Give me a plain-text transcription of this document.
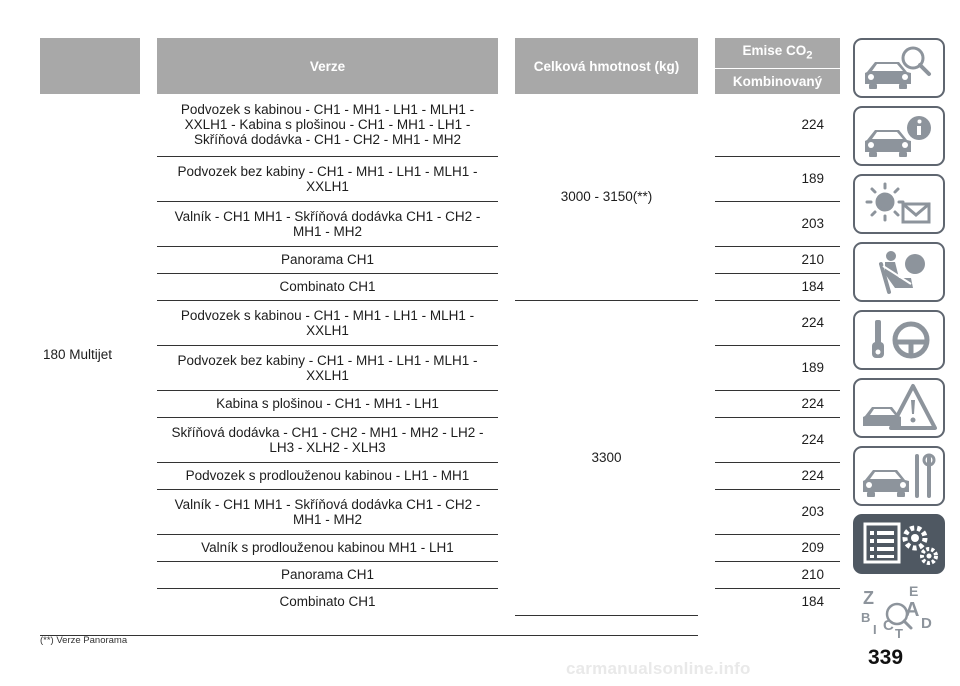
		Verze		Celková hmotnost (kg)		Emise $CO_2$
						Kombinovaný
180 Multijet		Podvozek s kabinou - CH1 - MH1 - LH1 - MLH1 -
XXLH1 - Kabina s plošinou - CH1 - MH1 - LH1 -
Skříňová dodávka - CH1 - CH2 - MH1 - MH2		3000 - 3150(**)		224
		Podvozek bez kabiny - CH1 - MH1 - LH1 - MLH1 -
XXLH1				189
		Valník - CH1 MH1 - Skříňová dodávka CH1 - CH2 -
MH1 - MH2				203
		Panorama CH1				210
		Combinato CH1				184
		Podvozek s kabinou - CH1 - MH1 - LH1 - MLH1 -
XXLH1		3300		224
		Podvozek bez kabiny - CH1 - MH1 - LH1 - MLH1 -
XXLH1				189
		Kabina s plošinou - CH1 - MH1 - LH1				224
		Skříňová dodávka - CH1 - CH2 - MH1 - MH2 - LH2 -
LH3 - XLH2 - XLH3				224
		Podvozek s prodlouženou kabinou - LH1 - MH1				224
		Valník - CH1 MH1 - Skříňová dodávka CH1 - CH2 -
MH1 - MH2				203
		Valník s prodlouženou kabinou MH1 - LH1				209
		Panorama CH1				210
		Combinato CH1				184

(**) Verze Panorama
339
carmanualsonline.info
Z	E
A
B C D
I T
